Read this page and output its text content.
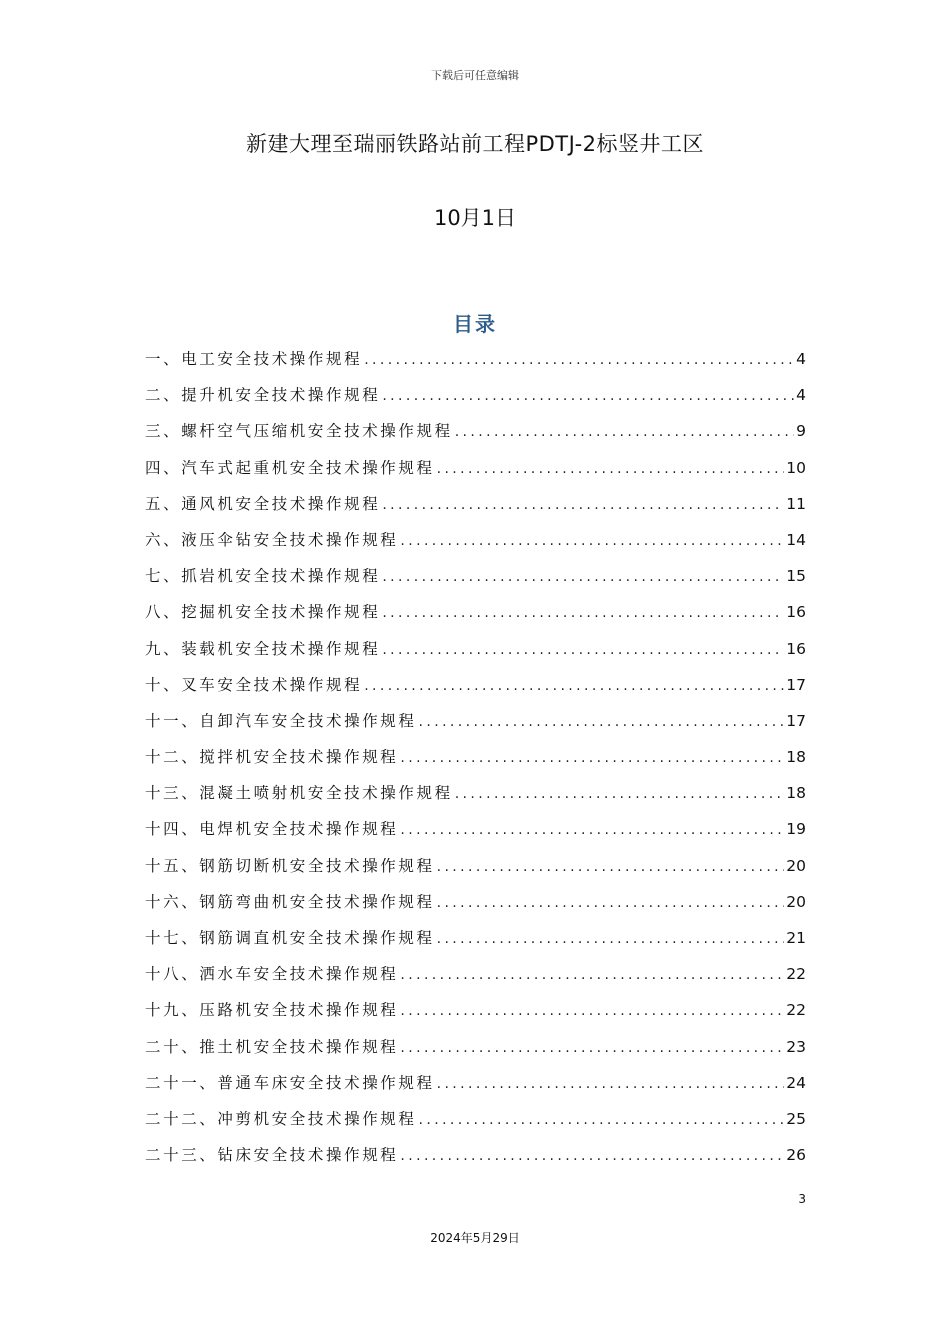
下载后可任意编辑
新建大理至瑞丽铁路站前工程PDTJ-2标竖井工区
10月1日
目录
一、电工安全技术操作规程 .....	4
二、提升机安全技术操作规程 .....	4
三、螺杆空气压缩机安全技术操作规程 .....	9
四、汽车式起重机安全技术操作规程 .....	10
五、通风机安全技术操作规程 .....	11
六、液压伞钻安全技术操作规程 .....	14
七、抓岩机安全技术操作规程 .....	15
八、挖掘机安全技术操作规程 .....	16
九、装载机安全技术操作规程 .....	16
十、叉车安全技术操作规程 .....	17
十一、自卸汽车安全技术操作规程 .....	17
十二、搅拌机安全技术操作规程 .....	18
十三、混凝土喷射机安全技术操作规程 .....	18
十四、电焊机安全技术操作规程 .....	19
十五、钢筋切断机安全技术操作规程 .....	20
十六、钢筋弯曲机安全技术操作规程 .....	20
十七、钢筋调直机安全技术操作规程 .....	21
十八、洒水车安全技术操作规程 .....	22
十九、压路机安全技术操作规程 .....	22
二十、推土机安全技术操作规程 .....	23
二十一、普通车床安全技术操作规程 .....	24
二十二、冲剪机安全技术操作规程 .....	25
二十三、钻床安全技术操作规程 .....	26
3
2024年5月29日
